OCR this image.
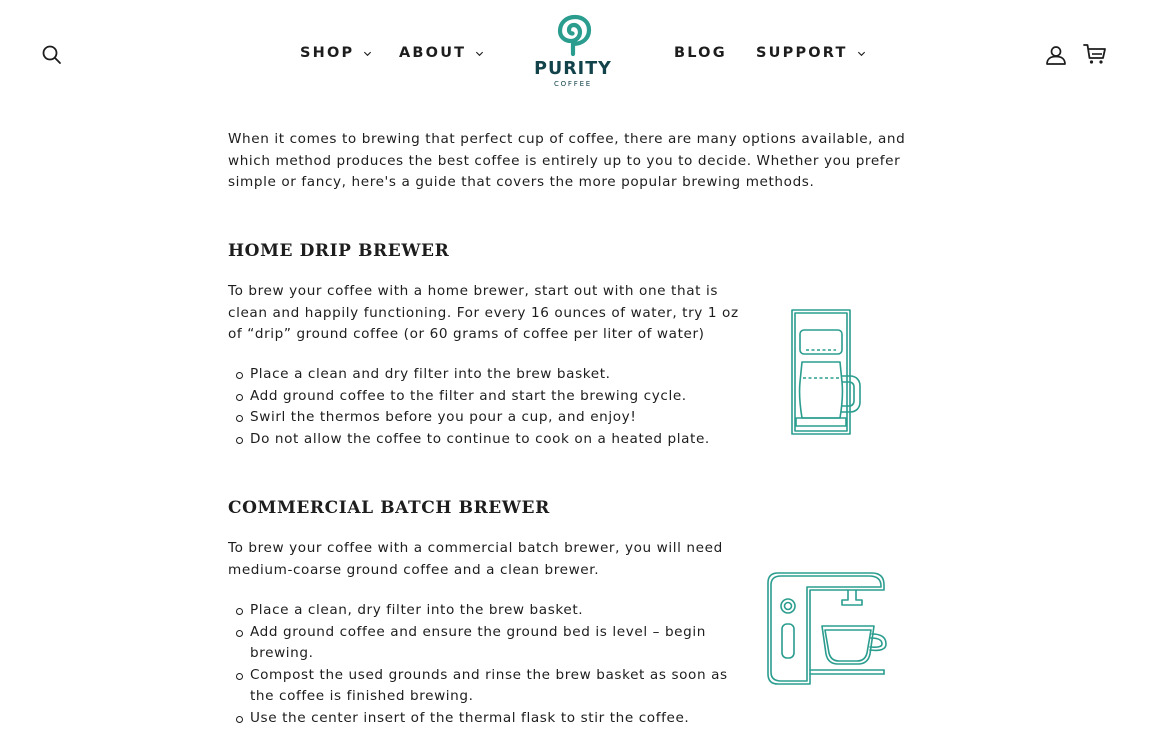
SHOP	ABOUT
PURITY
COFFEE
BLOG SUPPORT

When it comes to brewing that perfect cup of coffee, there are many options available, and which method produces the best coffee is entirely up to you to decide. Whether you prefer simple or fancy, here's a guide that covers the more popular brewing methods.

HOME DRIP BREWER

To brew your coffee with a home brewer, start out with one that is clean and happily functioning. For every 16 ounces of water, try 1 oz of “drip” ground coffee (or 60 grams of coffee per liter of water)

Place a clean and dry filter into the brew basket.
Add ground coffee to the filter and start the brewing cycle.
Swirl the thermos before you pour a cup, and enjoy!
Do not allow the coffee to continue to cook on a heated plate.
COMMERCIAL BATCH BREWER

To brew your coffee with a commercial batch brewer, you will need medium-coarse ground coffee and a clean brewer.

Place a clean, dry filter into the brew basket.
Add ground coffee and ensure the ground bed is level – begin brewing.
Compost the used grounds and rinse the brew basket as soon as the coffee is finished brewing.
Use the center insert of the thermal flask to stir the coffee.
